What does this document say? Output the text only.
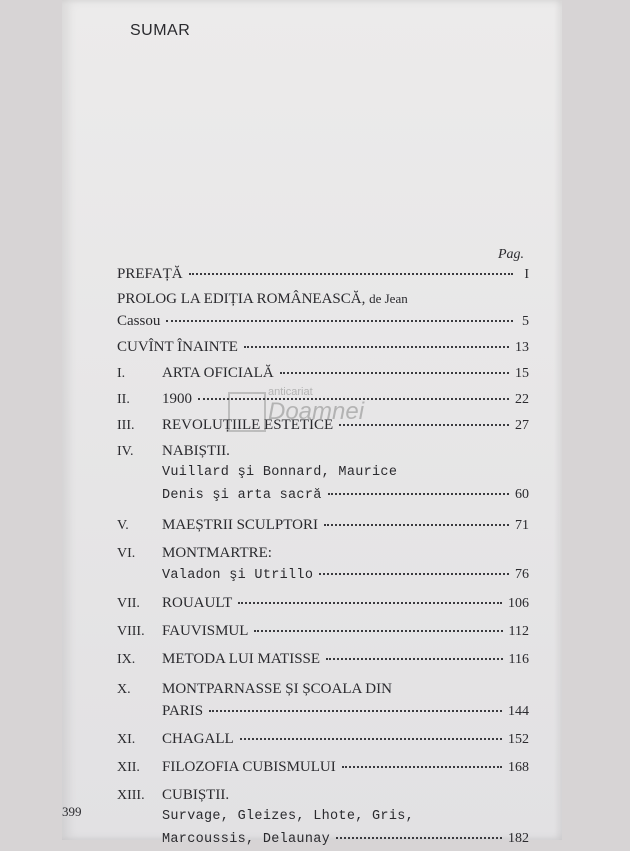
SUMAR
Pag.
anticariat
Doamnei
PREFAȚĂ	I
PROLOG LA EDIȚIA ROMÂNEASCĂ, de Jean
Cassou	5
CUVÎNT ÎNAINTE	13
I.	ARTA OFICIALĂ	15
II.	1900	22
III.	REVOLUȚIILE ESTETICE	27
IV.	NABIȘTII.
Vuillard şi Bonnard, Maurice
Denis şi arta sacră	60
V.	MAEȘTRII SCULPTORI	71
VI.	MONTMARTRE:
Valadon şi Utrillo	76
VII.	ROUAULT	106
VIII.	FAUVISMUL	112
IX.	METODA LUI MATISSE	116
X.	MONTPARNASSE ȘI ȘCOALA DIN
PARIS	144
XI.	CHAGALL	152
XII.	FILOZOFIA CUBISMULUI	168
XIII.	CUBIȘTII.
Survage, Gleizes, Lhote, Gris,
Marcoussis, Delaunay	182
399
